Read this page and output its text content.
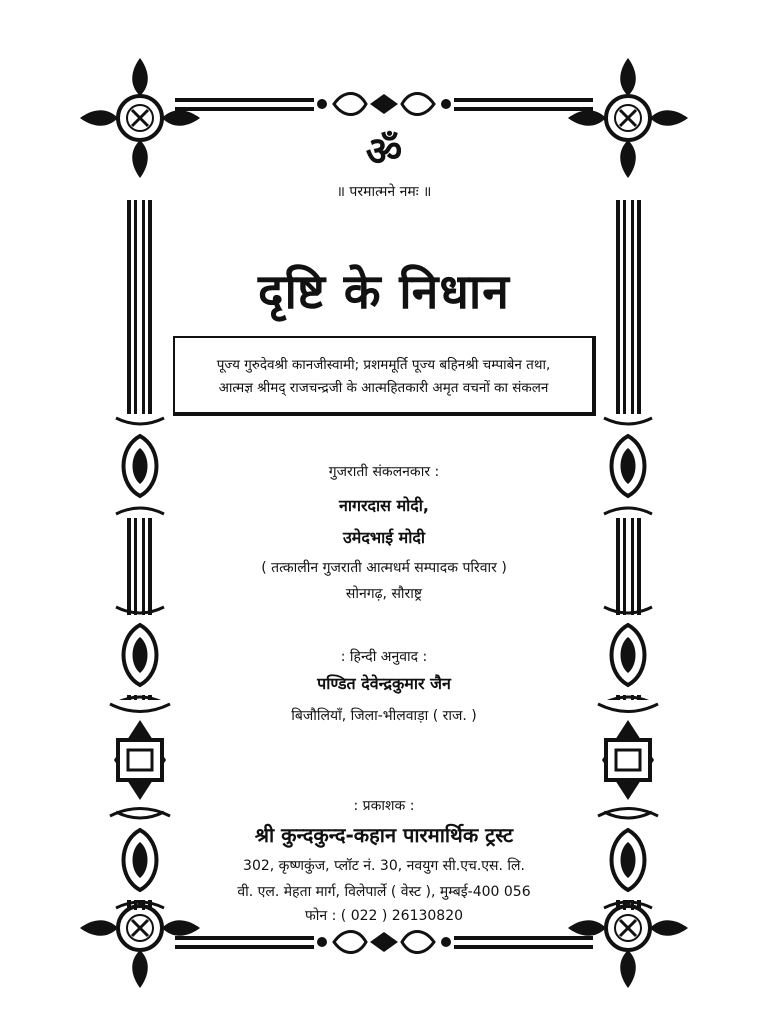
ॐ
॥ परमात्मने नमः ॥
दृष्टि के निधान
पूज्य गुरुदेवश्री कानजीस्वामी; प्रशममूर्ति पूज्य बहिनश्री चम्पाबेन तथा,
आत्मज्ञ श्रीमद् राजचन्द्रजी के आत्महितकारी अमृत वचनों का संकलन
गुजराती संकलनकार :
नागरदास मोदी,
उमेदभाई मोदी
( तत्कालीन गुजराती आत्मधर्म सम्पादक परिवार )
सोनगढ़, सौराष्ट्र
: हिन्दी अनुवाद :
पण्डित देवेन्द्रकुमार जैन
बिजौलियाँ, जिला-भीलवाड़ा ( राज. )
: प्रकाशक :
श्री कुन्दकुन्द-कहान पारमार्थिक ट्रस्ट
302, कृष्णकुंज, प्लॉट नं. 30, नवयुग सी.एच.एस. लि.
वी. एल. मेहता मार्ग, विलेपार्ले ( वेस्ट ), मुम्बई-400 056
फोन : ( 022 ) 26130820
